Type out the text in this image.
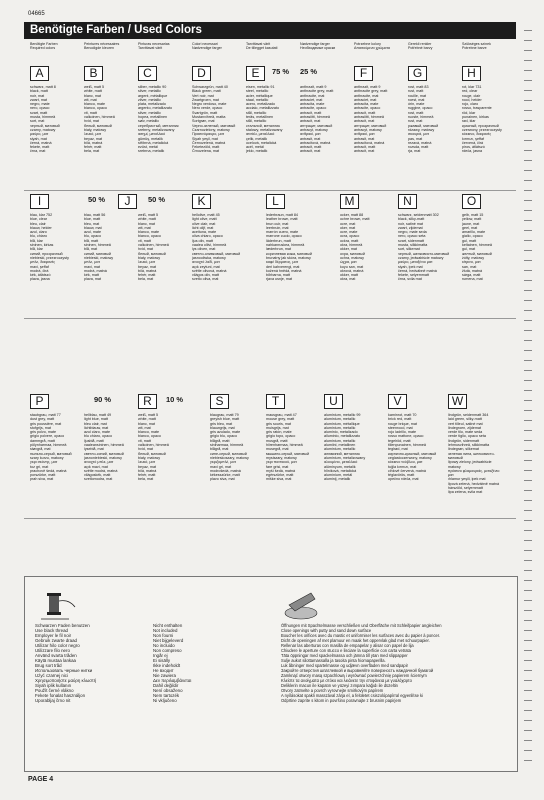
04665
Benötigte Farben / Used Colors
Benötigte Farben
Required colors
Peintures nécessaires
Benodigde kleuren
Pinturas necesarias
Tarvittavat värit
Colori necessari
Nødvendige farger
Tarvittavat värit
De tillegget kasutati
Nødvendige farger
Необходимые краски
Potrzebne kolory
Απαιτούμενα χρώματα
Gerekli renkler
Potřebné barvy
Szükséges színek
Potrebne barve
A
schwarz, matt 8
black, matt
noir, mat
zwart, mat
negro, mate
nero, opaco
svart, matt
musta, himmeä
sort, mat
черный, матовый
czarny, matowy
μαύρο, ματ
siyah, mat
černá, matná
fekete, matt
črna, mat
B
weiß, matt 5
white, matt
blanc, mat
wit, mat
blanco, mate
bianco, opaco
vit, matt
valkoinen, himmeä
hvid, mat
белый, матовый
biały, matowy
λευκό, ματ
beyaz, mat
bílá, matná
fehér, matt
bela, mat
C
silber, metallic 90
silver, metallic
argent, métallique
zilver, metallic
plata, metalizado
argento, metallizzato
silver, metallic
hopea, metallinen
sølv, metallic
серебристый, металлик
srebrny, metalizowany
ασημί, μεταλλικό
gümüş, metalik
stříbrná, metalická
ezüst, metál
srebrna, metalik
D
Schwarzgrün, matt 40
Black green, matt
Vert noir, mat
Zwartgroen, mat
Negro verdoso, mate
Nero verde, opaco
Svartgrön, matt
Mustanvihreä, matta
Sortgrøn, mat
Черно-зеленый, матовый
Czarnozielony, matowy
Πρασινόμαυρο, ματ
Siyah yeşil, mat
Černozelená, matná
Feketezöld, matt
Črnozelena, mat
E	75 %
eisen, metallic 91
steel, metallic
acier, métallique
staal, metallic
acero, metalizado
acciaio, metallizzato
stål, metallic
teräs, metallinen
stål, metallic
стальной, металлик
stalowy, metalizowany
ατσάλι, μεταλλικό
çelik, metalik
ocelová, metalická
acél, metál
jeklo, metalik
25 %
anthrazit, matt 9
anthracite grey, matt
anthracite, mat
antraciet, mat
antracita, mate
antracite, opaco
antracit, matt
antrasiitti, himmeä
antracit, mat
антрацит, матовый
antracyt, matowy
ανθρακί, ματ
antrasit, mat
antracitová, matná
antracit, matt
antracit, mat
F
anthrazit, matt 9
anthracite grey, matt
anthracite, mat
antraciet, mat
antracita, mate
antracite, opaco
antracit, matt
antrasiitti, himmeä
antracit, mat
антрацит, матовый
antracyt, matowy
ανθρακί, ματ
antrasit, mat
antracitová, matná
antracit, matt
antracit, mat
G
rost, matt 83
rust, matt
rouille, mat
roest, mat
órin, mate
ruggine, opaco
rost, matt
ruoste, himmeä
rust, mat
ржавый, матовый
rdzawy, matowy
σκουριά, ματ
pas, mat
rezavá, matná
rozsda, matt
rja, mat
H
rot, klar 731
red, clear
rouge, clair
rood, helder
rojo, claro
rosso, trasparente
röd, klar
punainen, kirkas
rød, klar
красный, прозрачный
czerwony, przezroczysty
κόκκινο, διαφανές
kırmızı, şeffaf
červená, čirá
piros, átlátszó
rdeča, jasna
I
blau, klar 752
blue, clear
bleu, clair
blauw, helder
azul, claro
blu, chiaro
blå, klar
sininen, kirkas
blå, klar
синий, прозрачный
niebieski, przezroczysty
μπλε, διαφανές
mavi, şeffaf
modrá, čirá
kék, átlátszó
plava, jasna
50 %
blau, matt 56
blue, matt
bleu, mat
blauw, mat
azul, mate
blu, opaco
blå, matt
sininen, himmeä
blå, mat
синий, матовый
niebieski, matowy
μπλε, ματ
mavi, mat
modrá, matná
kék, matt
plava, mat
J	50 %
weiß, matt 5
white, matt
blanc, mat
wit, mat
blanco, mate
bianco, opaco
vit, matt
valkoinen, himmeä
hvid, mat
белый, матовый
biały, matowy
λευκό, ματ
beyaz, mat
bílá, matná
fehér, matt
bela, mat
K
hellolive, matt 45
light olive, matt
olive clair, mat
licht olijf, mat
aceituna, mate
oliva chiaro, opaco
ljus oliv, matt
vaalea oliivi, himmeä
lys oliven, mat
светло-оливковый, матовый
jasnooliwka, matowy
ανοιχτό λαδί, ματ
açık zeytuni, mat
světle olivová, matná
világos oliv, matt
svetlo oliva, mat
L
lederbraun, matt 84
leather brown, matt
brun cuir, mat
leerbruin, mat
marrón cuero, mate
marrone cuoio, opaco
läderbrun, matt
nahkanruskea, himmeä
læderbrun, mat
коричневая кожа, матовый
brunatny jak skóra, matowy
καφέ δέρματος, ματ
deri kahverengi, mat
kožená hnědá, matná
bőrbarna, matt
rjava usnje, mat
M
ocker, matt 88
ochre brown, matt
ocre, mat
oker, mat
ocre, mate
ocra, opaco
ockra, matt
okra, himmeä
okker, mat
охра, матовый
ochra, matowy
ώχρα, ματ
koyu sarı, mat
okrová, matná
okker, matt
okra, mat
N
schwarz, seidenmatt 302
black, silky-matt
noir, satiné mat
zwart, zijdemat
negro, mate seda
nero, opaco seta
svart, sidenmatt
musta, silkkimatta
sort, silkemat
черный, шелковисто-матовый
czarny, jedwabiście matowy
μαύρο, μεταξένιο ματ
siyah, ipek mat
černá, hedvábně matná
fekete, selyemmatt
črna, svila mat
O
gelb, matt 15
yellow, matt
jaune, mat
geel, mat
amarillo, mate
giallo, opaco
gul, matt
keltainen, himmeä
gul, mat
желтый, матовый
żółty, matowy
κίτρινο, ματ
sarı, mat
žlutá, matná
sárga, matt
rumena, mat
P
staubgrau, matt 77
dust grey, matt
gris poussière, mat
stofgrijs, mat
gris polvo, mate
grigio polvere, opaco
dammgrå, matt
pölynharmaa, himmeä
støvgrå, mat
пыльно-серый, матовый
szary kurzu, matowy
γκρι σκόνης, ματ
toz gri, mat
prachově šedá, matná
porszürke, matt
prah siva, mat
90 %
hellblau, matt 49
light blue, matt
bleu clair, mat
lichtblauw, mat
azul claro, mate
blu chiaro, opaco
ljusblå, matt
vaaleansininen, himmeä
lyseblå, mat
светло-синий, матовый
jasnoniebieski, matowy
ανοιχτό μπλε, ματ
açık mavi, mat
světle modrá, matná
világoskék, matt
svetlomodra, mat
R	10 %
weiß, matt 5
white, matt
blanc, mat
wit, mat
blanco, mate
bianco, opaco
vit, matt
valkoinen, himmeä
hvid, mat
белый, матовый
biały, matowy
λευκό, ματ
beyaz, mat
bílá, matná
fehér, matt
bela, mat
S
blaugrau, matt 79
greyish blue, matt
gris bleu, mat
blauwgrijs, mat
gris azulado, mate
grigio blu, opaco
blågrå, matt
siniharmaa, himmeä
blågrå, mat
сине-серый, матовый
niebieskoszary, matowy
γκριζομπλέ, ματ
mavi gri, mat
modrošedá, matná
kékesszürke, matt
plavo siva, mat
T
mausgrau, matt 47
mouse grey, matt
gris souris, mat
muisgrijs, mat
gris ratón, mate
grigio topo, opaco
musgrå, matt
hiirenharmaa, himmeä
musegrå, mat
мышино-серый, матовый
mysiszary, matowy
γκρι ποντικιού, ματ
fare grisi, mat
myší šedá, matná
egérszürke, matt
miške siva, mat
U
aluminium, metallic 99
aluminium, metallic
aluminium, métallique
aluminium, metallic
aluminio, metalizado
alluminio, metallizzato
aluminium, metallic
alumiini, metallinen
aluminium, metallic
алюминий, металлик
aluminium, metalizowany
αλουμίνιο, μεταλλικό
alüminyum, metalik
hliníková, metalická
alumínium, metál
aluminij, metalik
V
kaminrot, matt 70
brick red, matt
rouge brique, mat
steenrood, mat
rojo ladrillo, mate
rosso mattone, opaco
tegelröd, matt
tiilenpunainen, himmeä
teglrød, mat
кирпично-красный, матовый
ceglastoczerwony, matowy
κόκκινο τούβλου, ματ
tuğla kırmızı, mat
cihlově červená, matná
téglavörös, matt
opečno rdeča, mat
W
lindgrün, seidenmatt 364
laid green, silky-matt
vert tilleul, satiné mat
lindegroen, zijdemat
verde tilo, mate seda
verde tiglio, opaco seta
lindgrön, sidenmatt
lehmusvihreä, silkkimatta
lindegrøn, silkemat
зеленая липа, шелковисто-матовый
lipowy zielony, jedwabiście matowy
πράσινο φλαμουριάς, μεταξένιο ματ
ıhlamur yeşili, ipek mat
lipová zelená, hedvábně matná
hárszöld, selyemmatt
lipa zelena, svila mat
Schwarzen Faden benutzen
Use black thread
Employer le fil noir
Gebruik zwarte draad
Utilizar hilo color negro
Utilizzare filo nero
Använd svarta tråden
Käytä mustaa lankaa
Brug sort tråd
Использовать черные нитки
Użyć czarnej nici
Χρησιμοποιήστε μαύρη κλωστή
Siyah iplik kullanın
Použít černé vlákno
Fekete fonalat használjon
Uporabljaj črno nit
Nicht enthalten
Not included
Non fourni
Niet bijgeleverd
No incluido
Non compreso
Ingår ej
Ei sisälly
Ikke indeholdt
Не входит
Nie zawiera
Δεν περιλαμβάνεται
Dahil değildir
Není obsaženo
Nem tartozék
Ni vključeno
Öffnungen mit Spachtelmasse verschließen und Oberfläche mit Schleifpapier angleichen
Close openings with putty and sand down surface
Boucher les orifices avec du mastic et uniformiser les surfaces avec du papier à poncer.
Dicht de openingen af met plamuur en maak het oppervlak glad met schuurpapier.
Rellenar las aberturas con masilla de empapelar y alisar con papel de lija
Chiudere le aperture con stucco e lisciare la superficie con carta vetrata
Täta öppningar med spackelmassa och jämna till ytan med slippapper
Sulje aukot silottamassalla ja tasoita pinta hiomapaperilla.
Luk åbninger med spartelmasse og udjævn overfladen med sandpapir
Закройте отверстия шпатлевкой и выровняйте поверхность наждачной бумагой
Zamknąć otwory masą szpachlową i wyrównać powierzchnię papierem ściernym
Κλείστε τα ανοίγματα με στόκο και λειάνετε την επιφάνεια με γυαλόχαρτο
Deliklerin macun ile kapatın ve yüzeyi zımpara kağıdı ile düzeltin
Otvory zatmelte a povrch vyrovnejte smirkovým papírem
A nyílásokat spakli masszával zárja el, a felületet csiszolópapírral egyenlítse ki
Odprtine zaprite s kitom in površino poravnajte z brusnim papirjem
PAGE 4
